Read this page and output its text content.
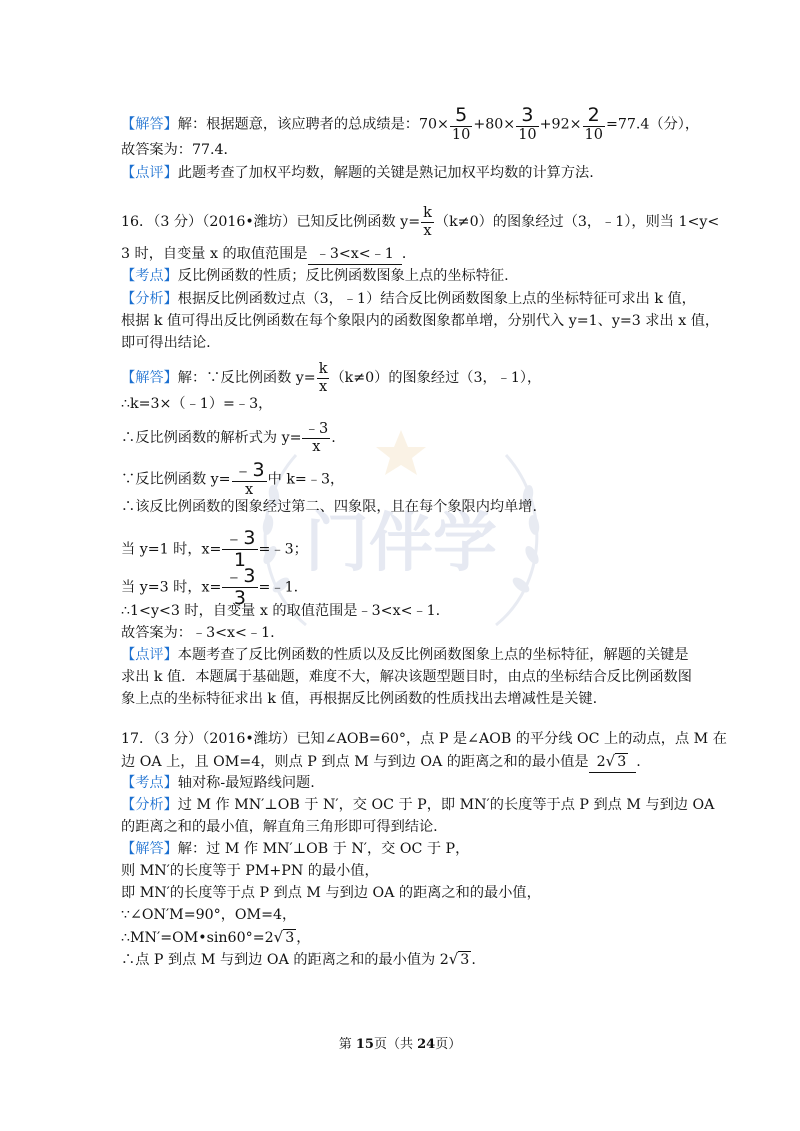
门伴学
【解答】解：根据题意，该应聘者的总成绩是：$70\times \frac{5}{10} +80\times \frac{3}{10} +92\times \frac{2}{10} =77.4$（分），
故答案为：77.4．
【点评】此题考查了加权平均数，解题的关键是熟记加权平均数的计算方法.
16．（3 分）（2016•潍坊）已知反比例函数 $y= \frac{k}{x} (k\ne 0)$的图象经过（3，﹣1），则当 1<y<
3 时，自变量 x 的取值范围是 ﹣3<x<﹣1 ．
【考点】反比例函数的性质；反比例函数图象上点的坐标特征.
【分析】根据反比例函数过点（3，﹣1）结合反比例函数图象上点的坐标特征可求出 k 值，
根据 k 值可得出反比例函数在每个象限内的函数图象都单增，分别代入 y=1、y=3 求出 x 值，
即可得出结论.
【解答】解：∵反比例函数 $y= \frac{k}{x} (k\ne 0)$的图象经过（3，﹣1），
∴k=3×（﹣1）=﹣3，
∴反比例函数的解析式为 $y= \frac{﹣3}{x}$ .
∵反比例函数 $y= \frac{﹣3}{x}$ 中 k=﹣3，
∴该反比例函数的图象经过第二、四象限，且在每个象限内均单增.
当 y=1 时，$x= \frac{﹣3}{1}$ =﹣3；
当 y=3 时，$x= \frac{﹣3}{3}$ =﹣1.
∴1<y<3 时，自变量 x 的取值范围是﹣3<x<﹣1.
故答案为：﹣3<x<﹣1.
【点评】本题考查了反比例函数的性质以及反比例函数图象上点的坐标特征，解题的关键是
求出 k 值．本题属于基础题，难度不大，解决该题型题目时，由点的坐标结合反比例函数图
象上点的坐标特征求出 k 值，再根据反比例函数的性质找出去增减性是关键.
17．（3 分）（2016•潍坊）已知∠AOB=60°，点 P 是∠AOB 的平分线 OC 上的动点，点 M 在
边 OA 上，且 OM=4，则点 P 到点 M 与到边 OA 的距离之和的最小值是 2√ 3 .
【考点】轴对称-最短路线问题.
【分析】过 M 作 MN′⊥OB 于 N′，交 OC 于 P，即 MN′的长度等于点 P 到点 M 与到边 OA
的距离之和的最小值，解直角三角形即可得到结论.
【解答】解：过 M 作 MN′⊥OB 于 N′，交 OC 于 P，
则 MN′的长度等于 PM+PN 的最小值，
即 MN′的长度等于点 P 到点 M 与到边 OA 的距离之和的最小值，
∵∠ON′M=90°，OM=4，
∴MN′=OM•sin60°=2√ 3 ，
∴点 P 到点 M 与到边 OA 的距离之和的最小值为 2√ 3 .
第 15页（共 24页）
